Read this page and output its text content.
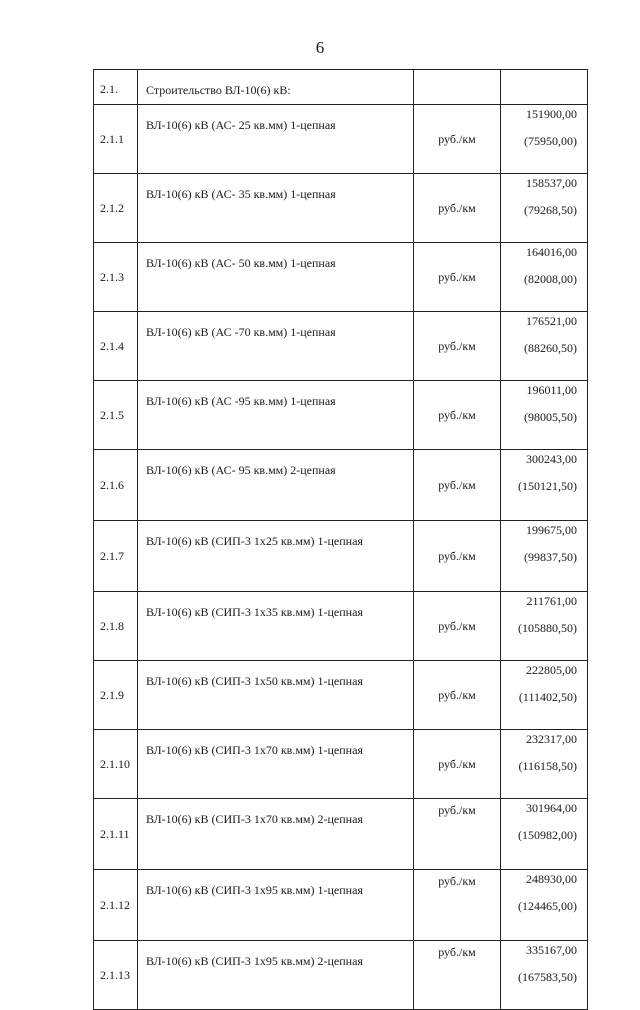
6
2.1.	Строительство ВЛ-10(6) кВ:		
2.1.1	ВЛ-10(6) кВ (АС- 25 кв.мм) 1-цепная	руб./км	151900,00
(75950,00)

2.1.2	ВЛ-10(6) кВ (АС- 35 кв.мм) 1-цепная	руб./км	158537,00
(79268,50)

2.1.3	ВЛ-10(6) кВ (АС- 50 кв.мм) 1-цепная	руб./км	164016,00
(82008,00)

2.1.4	ВЛ-10(6) кВ (АС -70 кв.мм) 1-цепная	руб./км	176521,00
(88260,50)

2.1.5	ВЛ-10(6) кВ (АС -95 кв.мм) 1-цепная	руб./км	196011,00
(98005,50)

2.1.6	ВЛ-10(6) кВ (АС- 95 кв.мм) 2-цепная	руб./км	300243,00
(150121,50)

2.1.7	ВЛ-10(6) кВ (СИП-3 1х25 кв.мм) 1-цепная	руб./км	199675,00
(99837,50)

2.1.8	ВЛ-10(6) кВ (СИП-3 1х35 кв.мм) 1-цепная	руб./км	211761,00
(105880,50)

2.1.9	ВЛ-10(6) кВ (СИП-3 1х50 кв.мм) 1-цепная	руб./км	222805,00
(111402,50)

2.1.10	ВЛ-10(6) кВ (СИП-3 1х70 кв.мм) 1-цепная	руб./км	232317,00
(116158,50)

2.1.11	ВЛ-10(6) кВ (СИП-3 1х70 кв.мм) 2-цепная	руб./км	301964,00
(150982,00)

2.1.12	ВЛ-10(6) кВ (СИП-3 1х95 кв.мм) 1-цепная	руб./км	248930,00
(124465,00)

2.1.13	ВЛ-10(6) кВ (СИП-3 1х95 кв.мм) 2-цепная	руб./км	335167,00
(167583,50)
